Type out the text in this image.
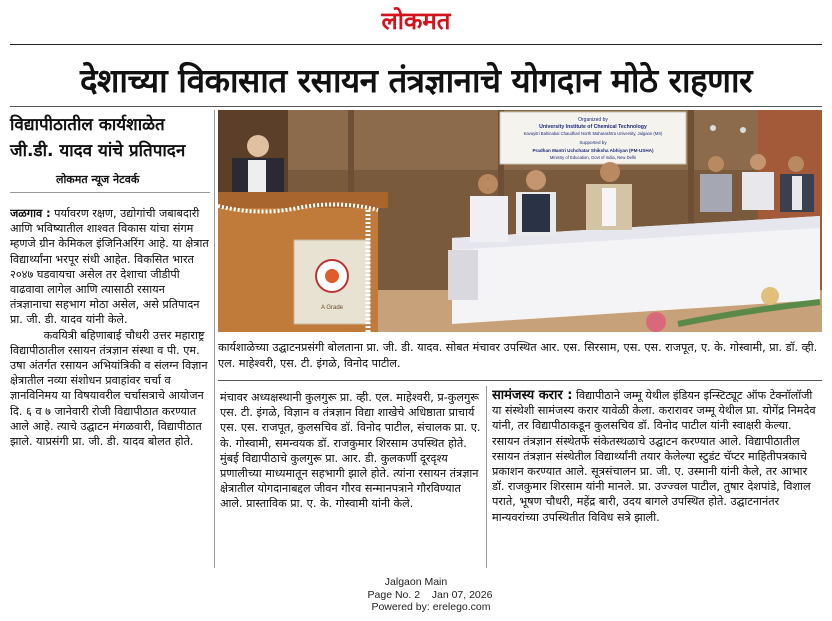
लोकमत
देशाच्या विकासात रसायन तंत्रज्ञानाचे योगदान मोठे राहणार
विद्यापीठातील कार्यशाळेत
जी.डी. यादव यांचे प्रतिपादन
लोकमत न्यूज नेटवर्क

जळगाव : पर्यावरण रक्षण, उद्योगांची जबाबदारी आणि भविष्यातील शाश्वत विकास यांचा संगम म्हणजे ग्रीन केमिकल इंजिनिअरिंग आहे. या क्षेत्रात विद्यार्थ्यांना भरपूर संधी आहेत. विकसित भारत २०४७ घडवायचा असेल तर देशाचा जीडीपी वाढवावा लागेल आणि त्यासाठी रसायन तंत्रज्ञानाचा सहभाग मोठा असेल, असे प्रतिपादन प्रा. जी. डी. यादव यांनी केले.

कवयित्री बहिणाबाई चौधरी उत्तर महाराष्ट्र विद्यापीठातील रसायन तंत्रज्ञान संस्था व पी. एम. उषा अंतर्गत रसायन अभियांत्रिकी व संलग्न विज्ञान क्षेत्रातील नव्या संशोधन प्रवाहांवर चर्चा व ज्ञानविनिमय या विषयावरील चर्चासत्राचे आयोजन दि. ६ व ७ जानेवारी रोजी विद्यापीठात करण्यात आले आहे. त्याचे उद्घाटन मंगळवारी, विद्यापीठात झाले. याप्रसंगी प्रा. जी. डी. यादव बोलत होते.

Organized by
University Institute of Chemical Technology
Kavayitri Bahinabai Chaudhari North Maharashtra University, Jalgaon (MS)
Supported by
Pradhan Mantri Uchchatar Shiksha Abhiyan (PM-USHA)
Ministry of Education, Govt of India, New Delhi
A Grade
कार्यशाळेच्या उद्घाटनप्रसंगी बोलताना प्रा. जी. डी. यादव. सोबत मंचावर उपस्थित आर. एस. सिरसाम, एस. एस. राजपूत, ए. के. गोस्वामी, प्रा. डॉ. व्ही. एल. माहेश्वरी, एस. टी. इंगळे, विनोद पाटील.
मंचावर अध्यक्षस्थानी कुलगुरू प्रा. व्ही. एल. माहेश्वरी, प्र-कुलगुरू एस. टी. इंगळे, विज्ञान व तंत्रज्ञान विद्या शाखेचे अधिष्ठाता प्राचार्य एस. एस. राजपूत, कुलसचिव डॉ. विनोद पाटील, संचालक प्रा. ए. के. गोस्वामी, समन्वयक डॉ. राजकुमार शिरसाम उपस्थित होते. मुंबई विद्यापीठाचे कुलगुरू प्रा. आर. डी. कुलकर्णी दूरदृश्य प्रणालीच्या माध्यमातून सहभागी झाले होते. त्यांना रसायन तंत्रज्ञान क्षेत्रातील योगदानाबद्दल जीवन गौरव सन्मानपत्राने गौरविण्यात आले. प्रास्ताविक प्रा. ए. के. गोस्वामी यांनी केले.

सामंजस्य करार : विद्यापीठाने जम्मू येथील इंडियन इन्स्टिट्यूट ऑफ टेक्नॉलॉजी या संस्थेशी सामंजस्य करार यावेळी केला. करारावर जम्मू येथील प्रा. योगेंद्र निमदेव यांनी, तर विद्यापीठाकडून कुलसचिव डॉ. विनोद पाटील यांनी स्वाक्षरी केल्या. रसायन तंत्रज्ञान संस्थेतर्फे संकेतस्थळाचे उद्घाटन करण्यात आले. विद्यापीठातील रसायन तंत्रज्ञान संस्थेतील विद्यार्थ्यांनी तयार केलेल्या स्टुडंट चॅप्टर माहितीपत्रकाचे प्रकाशन करण्यात आले. सूत्रसंचालन प्रा. जी. ए. उस्मानी यांनी केले, तर आभार डॉ. राजकुमार शिरसाम यांनी मानले. प्रा. उज्ज्वल पाटील, तुषार देशपांडे, विशाल पराते, भूषण चौधरी, महेंद्र बारी, उदय बागले उपस्थित होते. उद्घाटनानंतर मान्यवरांच्या उपस्थितीत विविध सत्रे झाली.

Jalgaon Main
Page No. 2    Jan 07, 2026
Powered by: erelego.com
